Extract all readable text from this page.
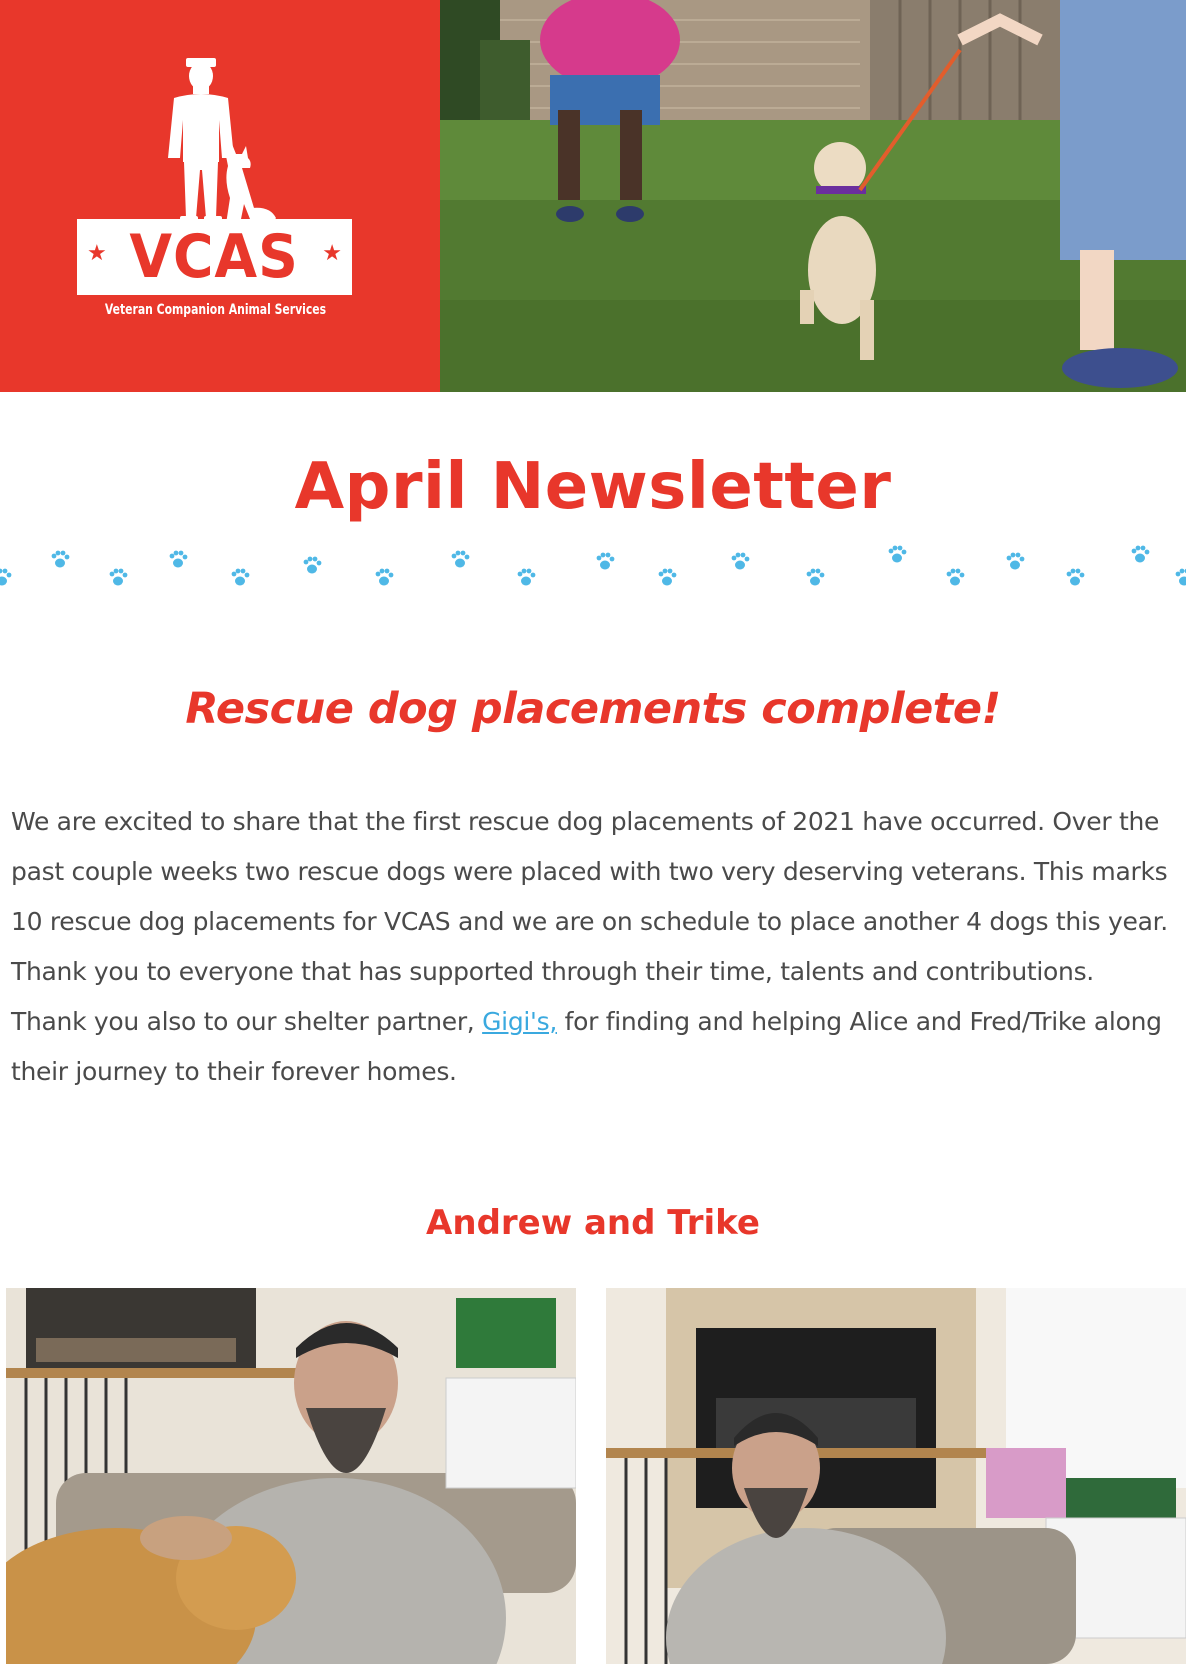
★ VCAS ★
Veteran Companion Animal Services
April Newsletter
Rescue dog placements complete!

We are excited to share that the first rescue dog placements of 2021 have occurred. Over the past couple weeks two rescue dogs were placed with two very deserving veterans. This marks 10 rescue dog placements for VCAS and we are on schedule to place another 4 dogs this year. Thank you to everyone that has supported through their time, talents and contributions. Thank you also to our shelter partner, Gigi's, for finding and helping Alice and Fred/Trike along their journey to their forever homes.

Andrew and Trike
